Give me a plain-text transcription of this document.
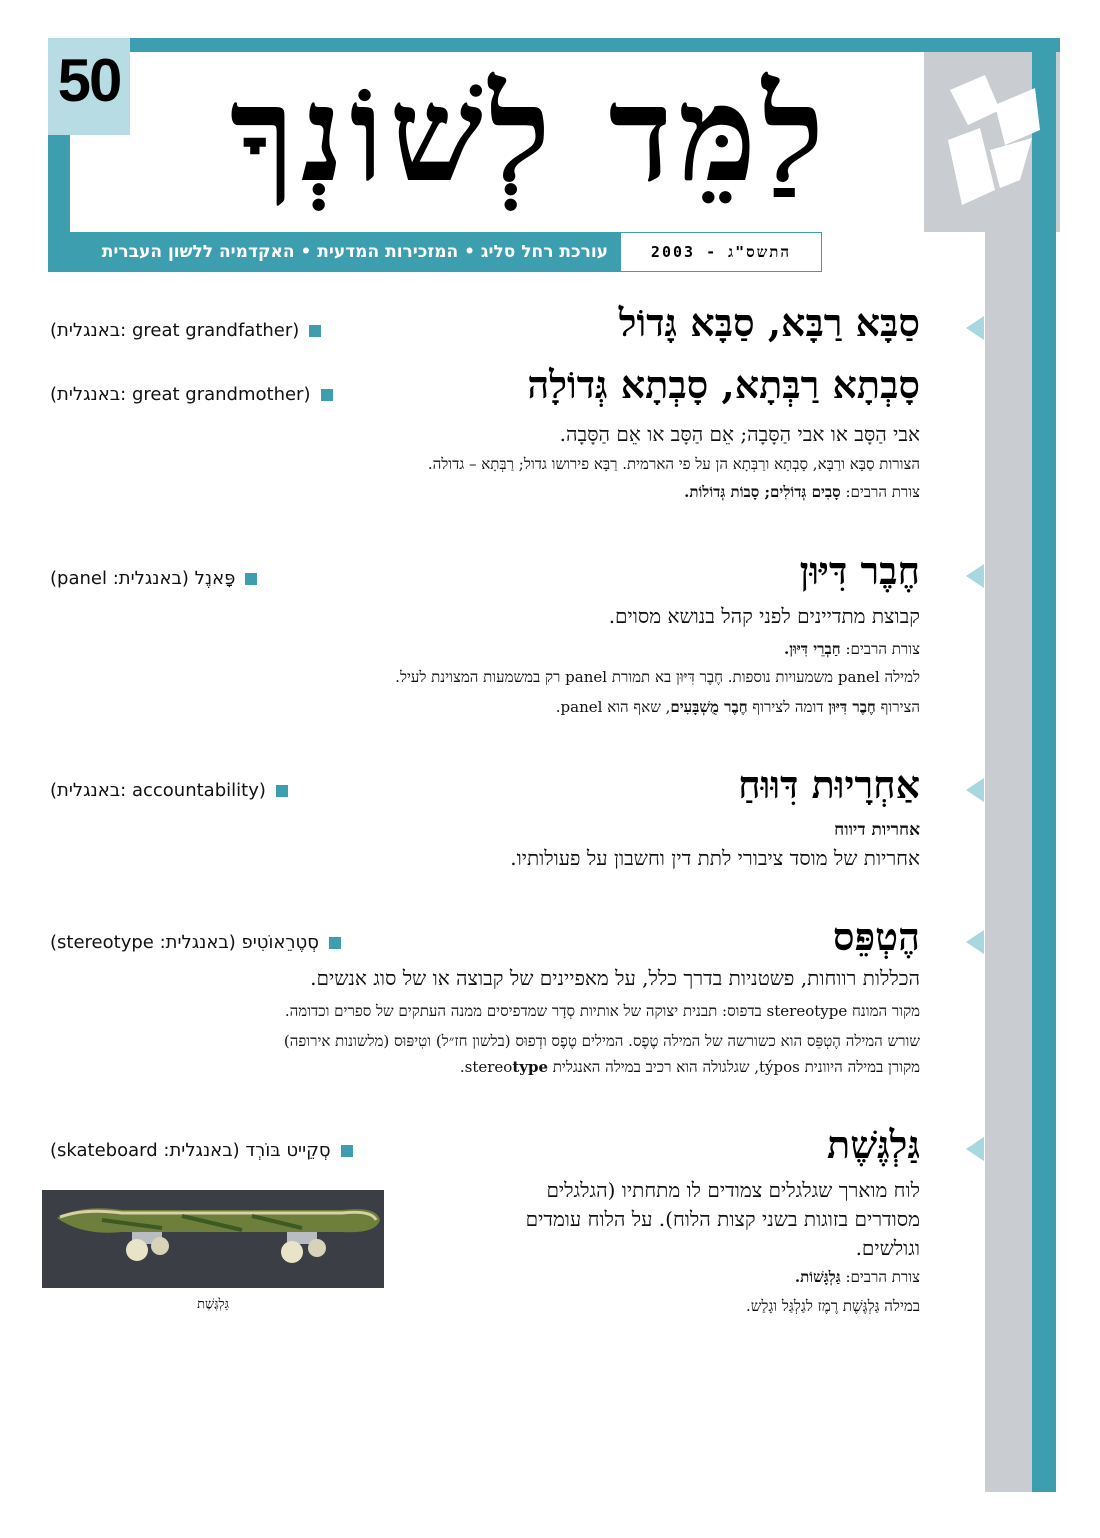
50 לַמֵּד לְשׁוֹנְךָ
עורכת רחל סליג • המזכירות המדעית • האקדמיה ללשון העברית	התשס"ג - 2003
סַבָּא רַבָּא, סַבָּא גָּדוֹל
(great grandfather :באנגלית)
סָבְתָא רַבְּתָא, סָבְתָא גְּדוֹלָה
(great grandmother :באנגלית)
אבי הַסָּב או אבי הַסָּבָה; אֵם הַסָּב או אֵם הַסָּבָה.
הצורות סַבָּא ורַבָּא, סָבְתָא ורַבְּתָא הן על פי הארמית. רַבָּא פירושו גדול; רַבְּתָא – גדולה.
צורת הרבים: סָבִים גְּדוֹלִים; סָבוֹת גְּדוֹלוֹת.
חֶבֶר דִּיּוּן
פָּאנֶל (באנגלית: panel)
קבוצת מתדיינים לפני קהל בנושא מסוים.
צורת הרבים: חַבְרֵי דִּיּוּן.
למילה panel משמעויות נוספות. חֶבֶר דִּיּוּן בא תמורת panel רק במשמעות המצוינת לעיל.
הצירוף חֶבֶר דִּיּוּן דומה לצירוף חֶבֶר מֻשְׁבָּעִים, שאף הוא panel.
אַחְרָיוּת דִּוּוּחַ
(accountability :באנגלית)
אחריות דיווח
אחריות של מוסד ציבורי לתת דין וחשבון על פעולותיו.
הֶטְפֵּס
סְטֶרֵאוֹטִיפ (באנגלית: stereotype)
הכללות רווחות, פשטניות בדרך כלל, על מאפיינים של קבוצה או של סוג אנשים.
מקור המונח stereotype בדפוס: תבנית יצוקה של אותיות סְדָר שמדפיסים ממנה העתקים של ספרים וכדומה.
שורש המילה הֶטְפֵּס הוא כשורשה של המילה טֶפֶס. המילים טֶפֶס ודְפוּס (בלשון חז״ל) וטִיפּוּס (מלשונות אירופה)
מקורן במילה היוונית týpos, שגלגולה הוא רכיב במילה האנגלית stereotype.
גַּלְגֶּשֶׁת
סְקֵייט בּוֹרְד (באנגלית: skateboard)
לוח מוארך שגלגלים צמודים לו מתחתיו (הגלגלים
מסודרים בזוגות בשני קצות הלוח). על הלוח עומדים
וגולשים.
צורת הרבים: גַּלְגָּשׁוֹת.
במילה גַּלְגֶּשֶׁת רֶמֶז לגַלְגַּל וגָלַש.
גַּלְגֶּשֶׁת
